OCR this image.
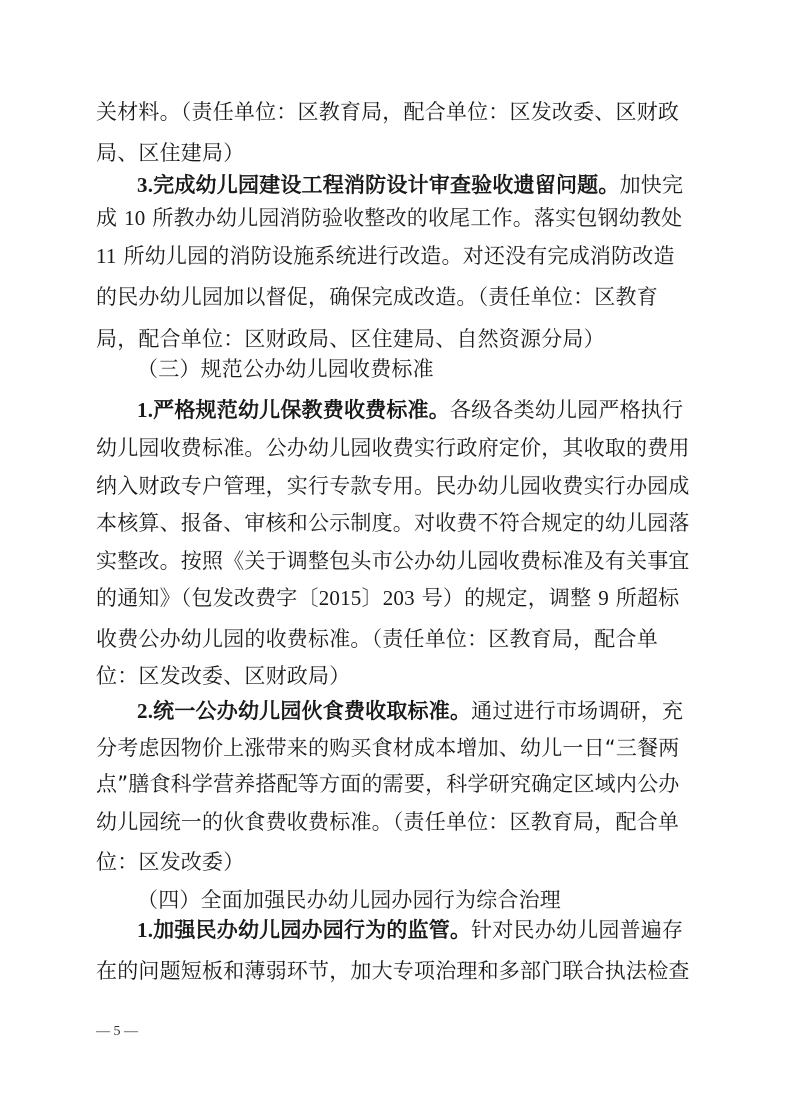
关材料。（责任单位：区教育局，配合单位：区发改委、区财政
局、区住建局）
3.完成幼儿园建设工程消防设计审查验收遗留问题。加快完
成 10 所教办幼儿园消防验收整改的收尾工作。落实包钢幼教处
11 所幼儿园的消防设施系统进行改造。对还没有完成消防改造
的民办幼儿园加以督促，确保完成改造。（责任单位：区教育
局，配合单位：区财政局、区住建局、自然资源分局）
（三）规范公办幼儿园收费标准
1.严格规范幼儿保教费收费标准。各级各类幼儿园严格执行
幼儿园收费标准。公办幼儿园收费实行政府定价，其收取的费用
纳入财政专户管理，实行专款专用。民办幼儿园收费实行办园成
本核算、报备、审核和公示制度。对收费不符合规定的幼儿园落
实整改。按照《关于调整包头市公办幼儿园收费标准及有关事宜
的通知》（包发改费字〔2015〕203 号）的规定，调整 9 所超标
收费公办幼儿园的收费标准。（责任单位：区教育局，配合单
位：区发改委、区财政局）
2.统一公办幼儿园伙食费收取标准。通过进行市场调研，充
分考虑因物价上涨带来的购买食材成本增加、幼儿一日“三餐两
点”膳食科学营养搭配等方面的需要，科学研究确定区域内公办
幼儿园统一的伙食费收费标准。（责任单位：区教育局，配合单
位：区发改委）
（四）全面加强民办幼儿园办园行为综合治理
1.加强民办幼儿园办园行为的监管。针对民办幼儿园普遍存
在的问题短板和薄弱环节，加大专项治理和多部门联合执法检查
— 5 —
